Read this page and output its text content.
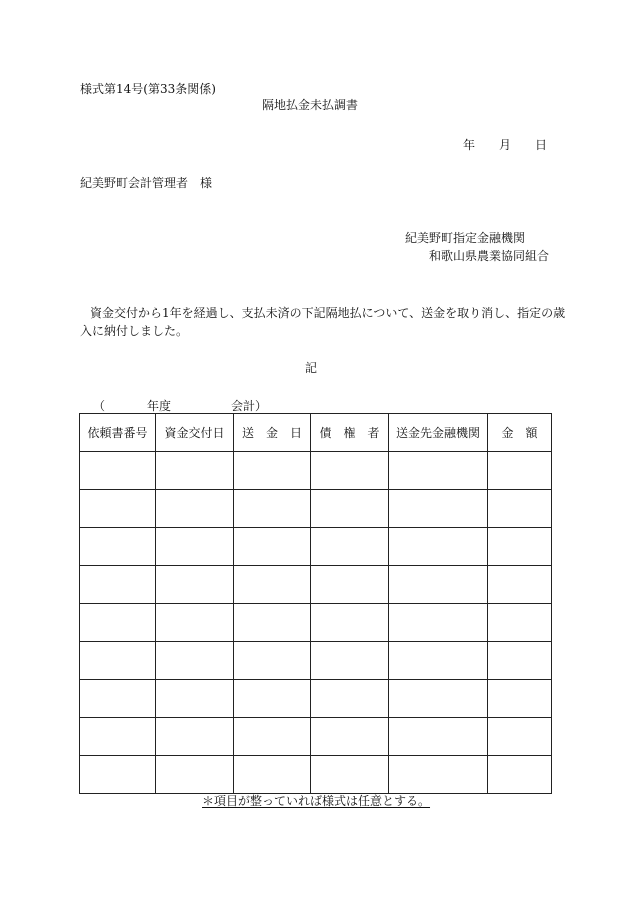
様式第14号(第33条関係)
隔地払金未払調書
年 月 日
紀美野町会計管理者　様
紀美野町指定金融機関
和歌山県農業協同組合
資金交付から1年を経過し、支払未済の下記隔地払について、送金を取り消し、指定の歳
入に納付しました。
記
（	年度	会計）
依頼書番号	資金交付日	送　金　日	債　権　者	送金先金融機関	金　額

＊項目が整っていれば様式は任意とする。
